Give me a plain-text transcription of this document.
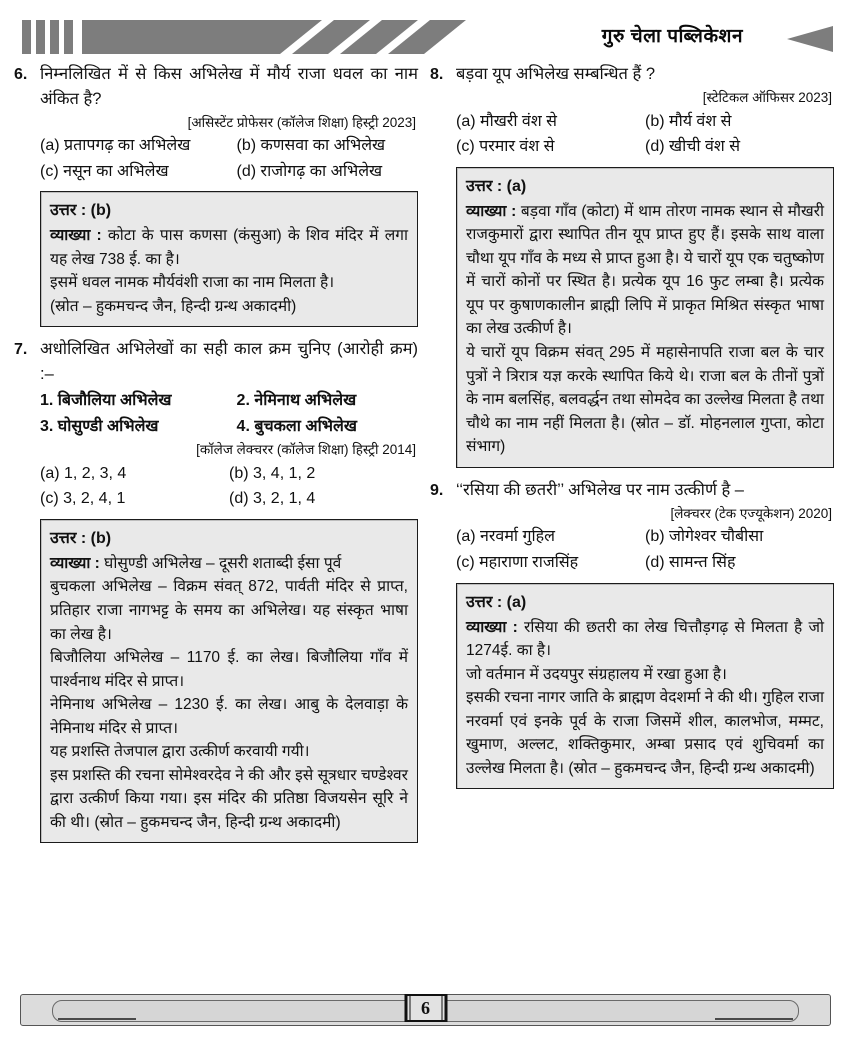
गुरु चेला पब्लिकेशन
6. निम्नलिखित में से किस अभिलेख में मौर्य राजा धवल का नाम अंकित है?
[असिस्टेंट प्रोफेसर (कॉलेज शिक्षा) हिस्ट्री 2023]
(a) प्रतापगढ़ का अभिलेख	(b) कणसवा का अभिलेख
(c) नसून का अभिलेख	(d) राजोगढ़ का अभिलेख
उत्तर : (b)

व्याख्या : कोटा के पास कणसा (कंसुआ) के शिव मंदिर में लगा यह लेख 738 ई. का है।

इसमें धवल नामक मौर्यवंशी राजा का नाम मिलता है।

(स्रोत – हुकमचन्द जैन, हिन्दी ग्रन्थ अकादमी)

7. अधोलिखित अभिलेखों का सही काल क्रम चुनिए (आरोही क्रम) :–
1. बिजौलिया अभिलेख	2. नेमिनाथ अभिलेख
3. घोसुण्डी अभिलेख	4. बुचकला अभिलेख
[कॉलेज लेक्चरर (कॉलेज शिक्षा) हिस्ट्री 2014]
(a) 1, 2, 3, 4	(b) 3, 4, 1, 2
(c) 3, 2, 4, 1	(d) 3, 2, 1, 4
उत्तर : (b)

व्याख्या : घोसुण्डी अभिलेख – दूसरी शताब्दी ईसा पूर्व

बुचकला अभिलेख – विक्रम संवत् 872, पार्वती मंदिर से प्राप्त, प्रतिहार राजा नागभट्ट के समय का अभिलेख। यह संस्कृत भाषा का लेख है।

बिजौलिया अभिलेख – 1170 ई. का लेख। बिजौलिया गाँव में पार्श्वनाथ मंदिर से प्राप्त।

नेमिनाथ अभिलेख – 1230 ई. का लेख। आबु के देलवाड़ा के नेमिनाथ मंदिर से प्राप्त।

यह प्रशस्ति तेजपाल द्वारा उत्कीर्ण करवायी गयी।

इस प्रशस्ति की रचना सोमेश्वरदेव ने की और इसे सूत्रधार चण्डेश्वर द्वारा उत्कीर्ण किया गया। इस मंदिर की प्रतिष्ठा विजयसेन सूरि ने की थी। (स्रोत – हुकमचन्द जैन, हिन्दी ग्रन्थ अकादमी)

8. बड़वा यूप अभिलेख सम्बन्धित हैं ?
[स्टेटिकल ऑफिसर 2023]
(a) मौखरी वंश से	(b) मौर्य वंश से
(c) परमार वंश से	(d) खीची वंश से
उत्तर : (a)

व्याख्या : बड़वा गाँव (कोटा) में थाम तोरण नामक स्थान से मौखरी राजकुमारों द्वारा स्थापित तीन यूप प्राप्त हुए हैं। इसके साथ वाला चौथा यूप गाँव के मध्य से प्राप्त हुआ है। ये चारों यूप एक चतुष्कोण में चारों कोनों पर स्थित है। प्रत्येक यूप 16 फुट लम्बा है। प्रत्येक यूप पर कुषाणकालीन ब्राह्मी लिपि में प्राकृत मिश्रित संस्कृत भाषा का लेख उत्कीर्ण है।

ये चारों यूप विक्रम संवत् 295 में महासेनापति राजा बल के चार पुत्रों ने त्रिरात्र यज्ञ करके स्थापित किये थे। राजा बल के तीनों पुत्रों के नाम बलसिंह, बलवर्द्धन तथा सोमदेव का उल्लेख मिलता है तथा चौथे का नाम नहीं मिलता है। (स्रोत – डॉ. मोहनलाल गुप्ता, कोटा संभाग)

9. ‘‘रसिया की छतरी’’ अभिलेख पर नाम उत्कीर्ण है –
[लेक्चरर (टेक एज्यूकेशन) 2020]
(a) नरवर्मा गुहिल	(b) जोगेश्वर चौबीसा
(c) महाराणा राजसिंह	(d) सामन्त सिंह
उत्तर : (a)

व्याख्या : रसिया की छतरी का लेख चित्तौड़गढ़ से मिलता है जो 1274ई. का है।

जो वर्तमान में उदयपुर संग्रहालय में रखा हुआ है।

इसकी रचना नागर जाति के ब्राह्मण वेदशर्मा ने की थी। गुहिल राजा नरवर्मा एवं इनके पूर्व के राजा जिसमें शील, कालभोज, मम्मट, खुमाण, अल्लट, शक्तिकुमार, अम्बा प्रसाद एवं शुचिवर्मा का उल्लेख मिलता है। (स्रोत – हुकमचन्द जैन, हिन्दी ग्रन्थ अकादमी)

6
